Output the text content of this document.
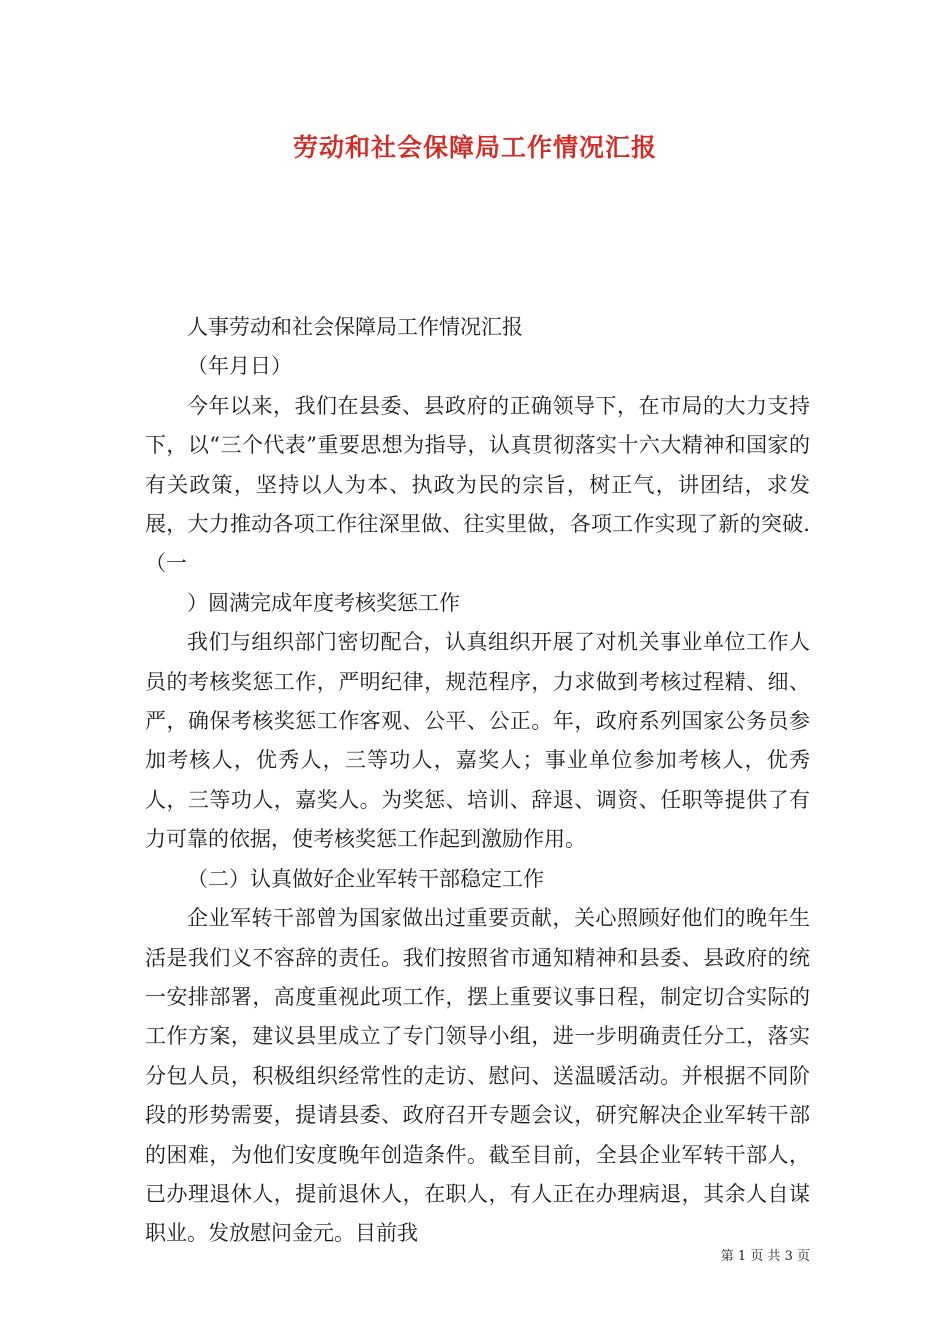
劳动和社会保障局工作情况汇报

人事劳动和社会保障局工作情况汇报

（年月日）

今年以来，我们在县委、县政府的正确领导下，在市局的大力支持下，以“三个代表”重要思想为指导，认真贯彻落实十六大精神和国家的有关政策，坚持以人为本、执政为民的宗旨，树正气，讲团结，求发展，大力推动各项工作往深里做、往实里做，各项工作实现了新的突破.（一

）圆满完成年度考核奖惩工作

我们与组织部门密切配合，认真组织开展了对机关事业单位工作人员的考核奖惩工作，严明纪律，规范程序，力求做到考核过程精、细、严，确保考核奖惩工作客观、公平、公正。年，政府系列国家公务员参加考核人，优秀人，三等功人，嘉奖人；事业单位参加考核人，优秀人，三等功人，嘉奖人。为奖惩、培训、辞退、调资、任职等提供了有力可靠的依据，使考核奖惩工作起到激励作用。

（二）认真做好企业军转干部稳定工作

企业军转干部曾为国家做出过重要贡献，关心照顾好他们的晚年生活是我们义不容辞的责任。我们按照省市通知精神和县委、县政府的统一安排部署，高度重视此项工作，摆上重要议事日程，制定切合实际的工作方案，建议县里成立了专门领导小组，进一步明确责任分工，落实分包人员，积极组织经常性的走访、慰问、送温暖活动。并根据不同阶段的形势需要，提请县委、政府召开专题会议，研究解决企业军转干部的困难，为他们安度晚年创造条件。截至目前，全县企业军转干部人，已办理退休人，提前退休人，在职人，有人正在办理病退，其余人自谋职业。发放慰问金元。目前我

第 1 页 共 3 页
